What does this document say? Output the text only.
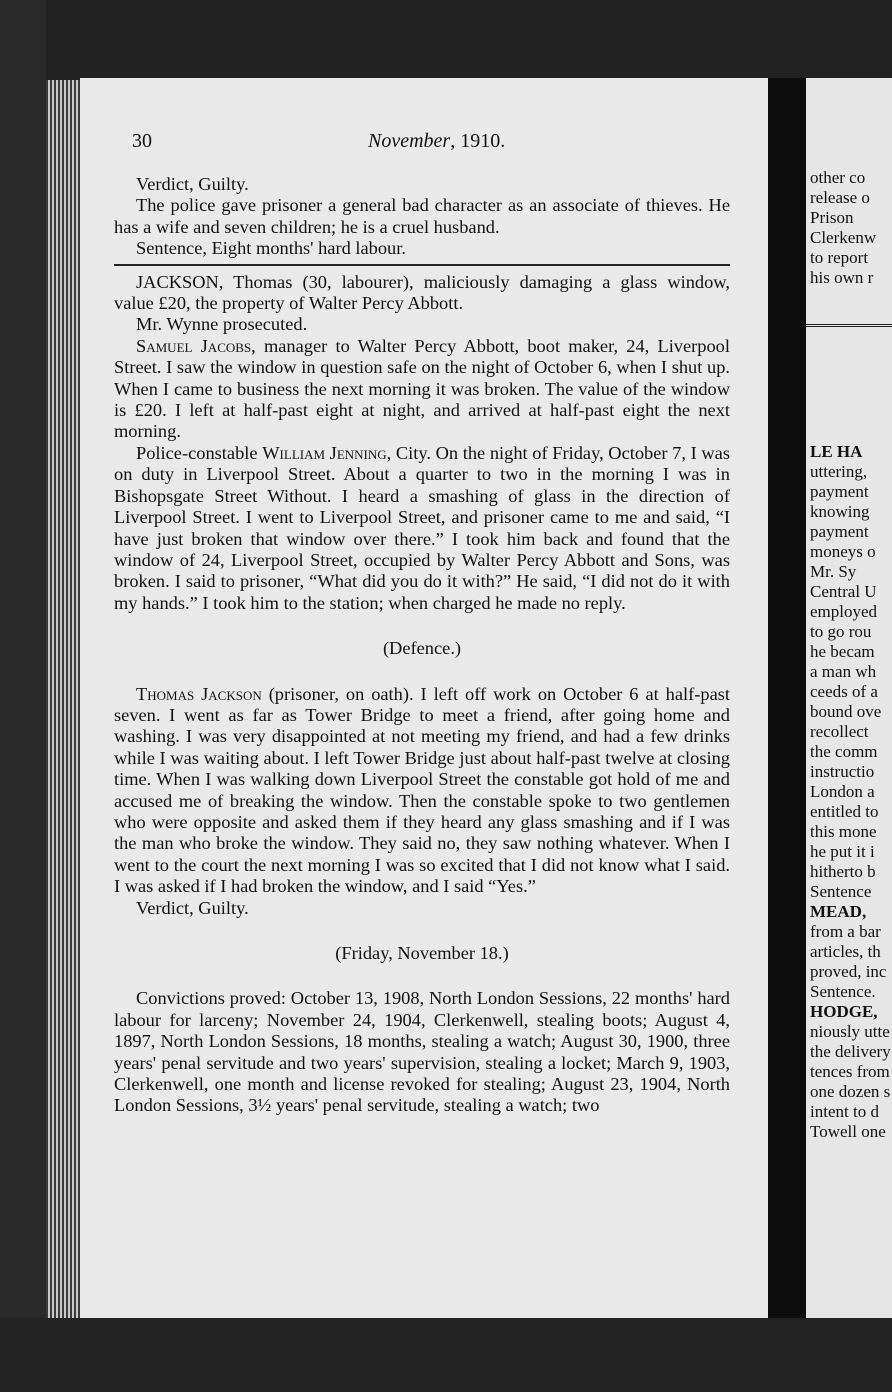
30	November, 1910.

Verdict, Guilty.

The police gave prisoner a general bad character as an associate of thieves. He has a wife and seven children; he is a cruel husband.

Sentence, Eight months' hard labour.

JACKSON, Thomas (30, labourer), maliciously damaging a glass window, value £20, the property of Walter Percy Abbott.

Mr. Wynne prosecuted.

Samuel Jacobs, manager to Walter Percy Abbott, boot maker, 24, Liverpool Street. I saw the window in question safe on the night of October 6, when I shut up. When I came to business the next morning it was broken. The value of the window is £20. I left at half-past eight at night, and arrived at half-past eight the next morning.

Police-constable William Jenning, City. On the night of Friday, October 7, I was on duty in Liverpool Street. About a quarter to two in the morning I was in Bishopsgate Street Without. I heard a smashing of glass in the direction of Liverpool Street. I went to Liverpool Street, and prisoner came to me and said, “I have just broken that window over there.” I took him back and found that the window of 24, Liverpool Street, occupied by Walter Percy Abbott and Sons, was broken. I said to prisoner, “What did you do it with?” He said, “I did not do it with my hands.” I took him to the station; when charged he made no reply.

(Defence.)

Thomas Jackson (prisoner, on oath). I left off work on October 6 at half-past seven. I went as far as Tower Bridge to meet a friend, after going home and washing. I was very disappointed at not meeting my friend, and had a few drinks while I was waiting about. I left Tower Bridge just about half-past twelve at closing time. When I was walking down Liverpool Street the constable got hold of me and accused me of breaking the window. Then the constable spoke to two gentlemen who were opposite and asked them if they heard any glass smashing and if I was the man who broke the window. They said no, they saw nothing whatever. When I went to the court the next morning I was so excited that I did not know what I said. I was asked if I had broken the window, and I said “Yes.”

Verdict, Guilty.

(Friday, November 18.)

Convictions proved: October 13, 1908, North London Sessions, 22 months' hard labour for larceny; November 24, 1904, Clerkenwell, stealing boots; August 4, 1897, North London Sessions, 18 months, stealing a watch; August 30, 1900, three years' penal servitude and two years' supervision, stealing a locket; March 9, 1903, Clerkenwell, one month and license revoked for stealing; August 23, 1904, North London Sessions, 3½ years' penal servitude, stealing a watch; two

other co
release o
Prison
Clerkenw
to report
his own r
LE HA
uttering,
payment
knowing
payment
moneys o
Mr. Sy
Central U
employed
to go rou
he becam
a man wh
ceeds of a
bound ove
recollect
the comm
instructio
London a
entitled to
this mone
he put it i
hitherto b
Sentence
MEAD,
from a bar
articles, th
proved, inc
Sentence.
HODGE,
niously utte
the delivery
tences from
one dozen s
intent to d
Towell one
